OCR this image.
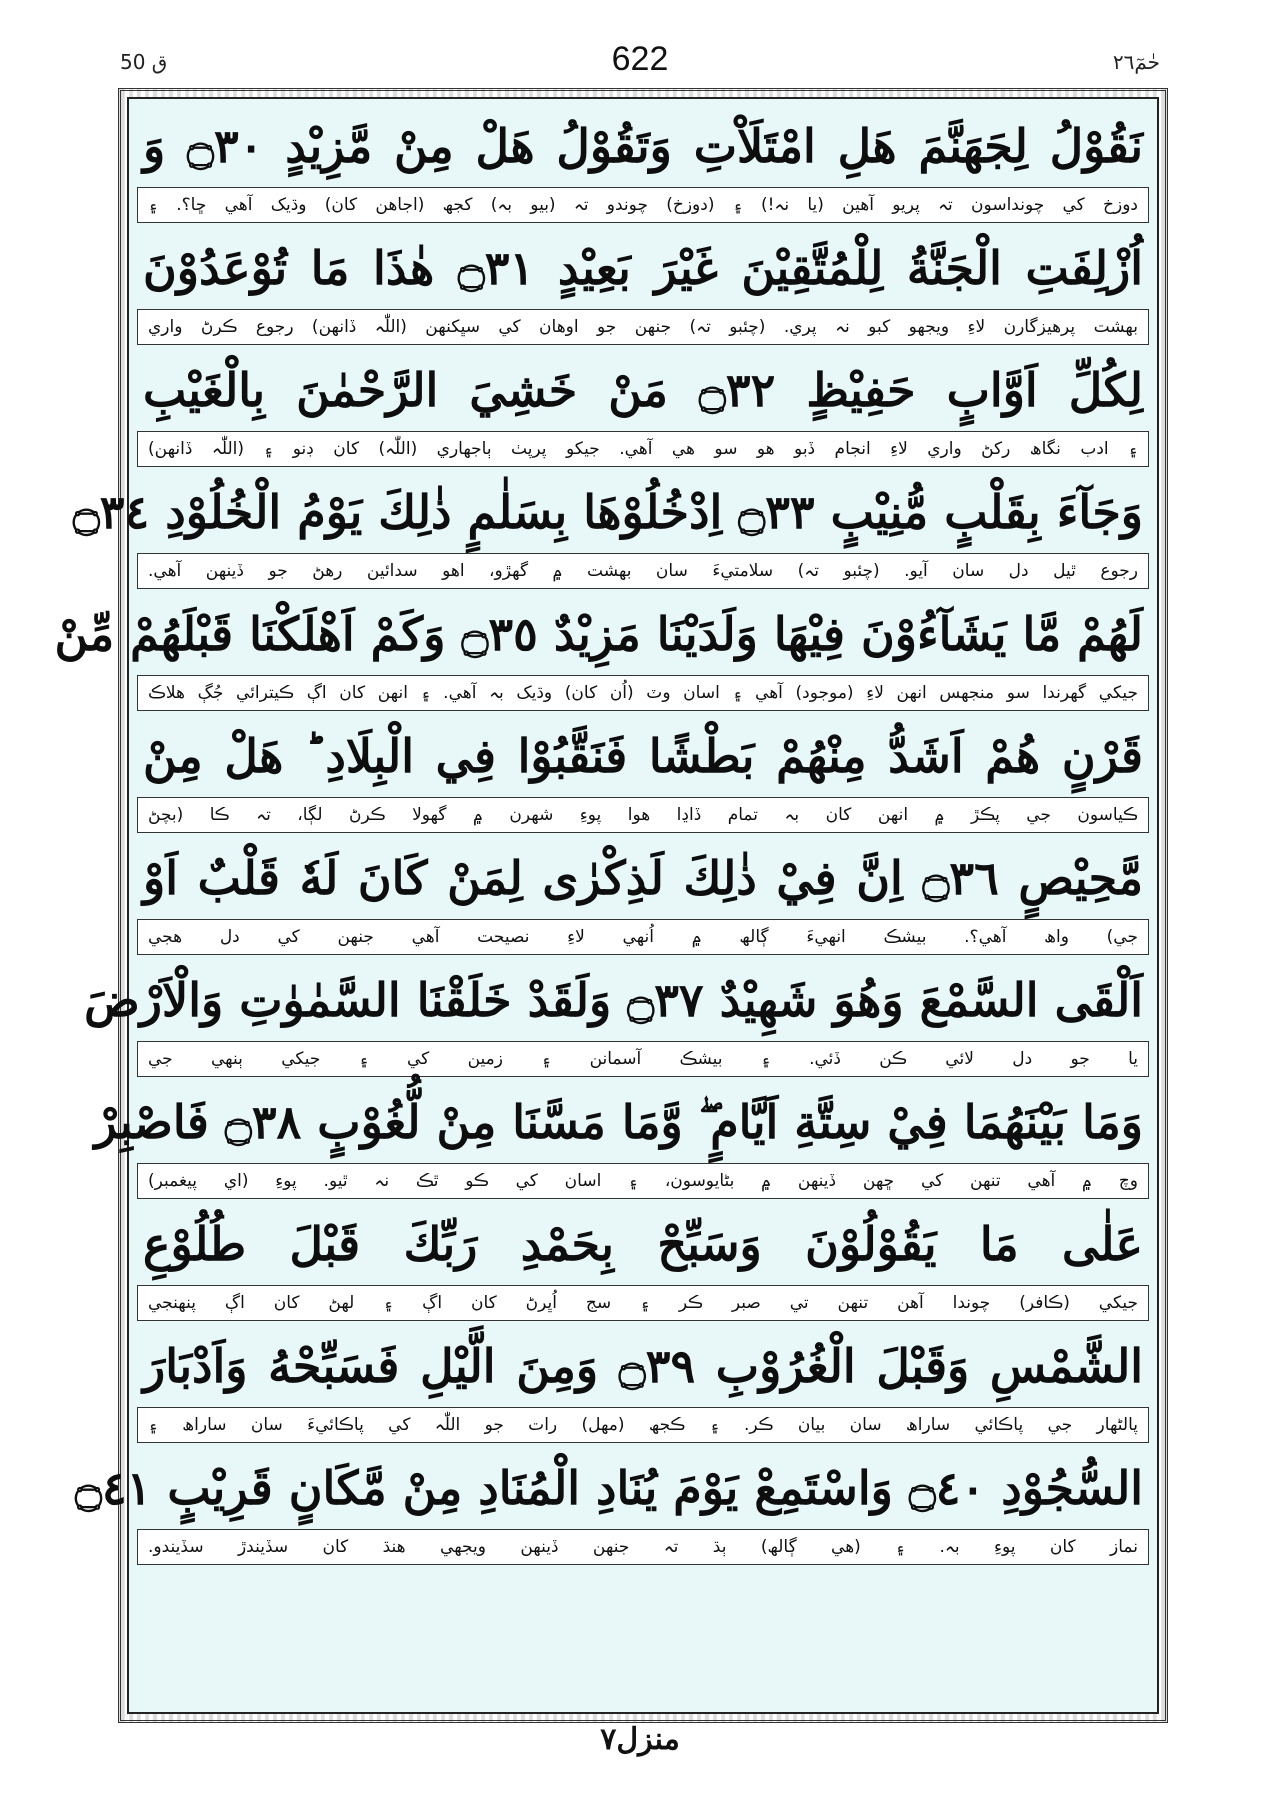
ق 50	622	حٰمٓ٢٦
نَقُوْلُ لِجَهَنَّمَ هَلِ امْتَلَاْتِ وَتَقُوْلُ هَلْ مِنْ مَّزِيْدٍ ۝٣٠ وَ
دوزخ کي چونداسون تہ پريو آهين (يا نہ!) ۽ (دوزخ) چوندو تہ (بيو بہ) کجھ (اجاهن کان) وڌيک آهي ڇا؟. ۽
اُزْلِفَتِ الْجَنَّةُ لِلْمُتَّقِيْنَ غَيْرَ بَعِيْدٍ ۝٣١ هٰذَا مَا تُوْعَدُوْنَ
بهشت پرهيزگارن لاءِ ويجهو کبو نہ پري. (چئبو تہ) جنهن جو اوهان کي سڀکنهن (اللّٰہ ڏانهن) رجوع ڪرڻ واري
لِكُلِّ اَوَّابٍ حَفِيْظٍ ۝٣٢ مَنْ خَشِيَ الرَّحْمٰنَ بِالْغَيْبِ
۽ ادب نگاھ رکڻ واري لاءِ انجام ڏبو هو سو هي آهي. جيکو پرپٺ ٻاجهاري (اللّٰہ) کان ڊنو ۽ (اللّٰہ ڏانهن)
وَجَآءَ بِقَلْبٍ مُّنِيْبٍ ۝٣٣ اِدْخُلُوْهَا بِسَلٰمٍ ذٰلِكَ يَوْمُ الْخُلُوْدِ ۝٣٤
رجوع ٿيل دل سان آيو. (چئبو تہ) سلامتيءَ سان بهشت ۾ گهڙو، اهو سدائين رهڻ جو ڏينهن آهي.
لَهُمْ مَّا يَشَآءُوْنَ فِيْهَا وَلَدَيْنَا مَزِيْدٌ ۝٣٥ وَكَمْ اَهْلَكْنَا قَبْلَهُمْ مِّنْ
جيکي گهرندا سو منجهس انهن لاءِ (موجود) آهي ۽ اسان وٽ (اُن کان) وڌيک بہ آهي. ۽ انهن کان اڳ ڪيترائي جُڳ هلاڪ
قَرْنٍ هُمْ اَشَدُّ مِنْهُمْ بَطْشًا فَنَقَّبُوْا فِي الْبِلَادِ ؕ هَلْ مِنْ
ڪياسون جي پڪڙ ۾ انهن کان بہ تمام ڏاڍا هوا پوءِ شهرن ۾ گهولا ڪرڻ لڳا، تہ ڪا (بچڻ
مَّحِيْصٍ ۝٣٦ اِنَّ فِيْ ذٰلِكَ لَذِكْرٰى لِمَنْ كَانَ لَهٗ قَلْبٌ اَوْ
جي) واھ آهي؟. بيشڪ انهيءَ ڳالھ ۾ اُنهي لاءِ نصيحت آهي جنهن کي دل هجي
اَلْقَى السَّمْعَ وَهُوَ شَهِيْدٌ ۝٣٧ وَلَقَدْ خَلَقْنَا السَّمٰوٰتِ وَالْاَرْضَ
يا جو دل لائي ڪن ڏئي. ۽ بيشڪ آسمانن ۽ زمين کي ۽ جيکي ٻنهي جي
وَمَا بَيْنَهُمَا فِيْ سِتَّةِ اَيَّامٍ ۖ وَّمَا مَسَّنَا مِنْ لُّغُوْبٍ ۝٣٨ فَاصْبِرْ
وچ ۾ آهي تنهن کي ڇهن ڏينهن ۾ بڻايوسون، ۽ اسان کي ڪو ٿڪ نہ ٿيو. پوءِ (اي پيغمبر)
عَلٰى مَا يَقُوْلُوْنَ وَسَبِّحْ بِحَمْدِ رَبِّكَ قَبْلَ طُلُوْعِ
جيکي (ڪافر) چوندا آهن تنهن تي صبر ڪر ۽ سج اُڀرڻ کان اڳ ۽ لهڻ کان اڳ پنهنجي
الشَّمْسِ وَقَبْلَ الْغُرُوْبِ ۝٣٩ وَمِنَ الَّيْلِ فَسَبِّحْهُ وَاَدْبَارَ
پالڻهار جي پاڪائي ساراھ سان بيان ڪر. ۽ ڪجھ (مهل) رات جو اللّٰہ کي پاڪائيءَ سان ساراھ ۽
السُّجُوْدِ ۝٤٠ وَاسْتَمِعْ يَوْمَ يُنَادِ الْمُنَادِ مِنْ مَّكَانٍ قَرِيْبٍ ۝٤١
نماز کان پوءِ بہ. ۽ (هي ڳالھ) ٻڌ تہ جنهن ڏينهن ويجهي هنڌ کان سڏيندڙ سڏيندو.
منزل٧
